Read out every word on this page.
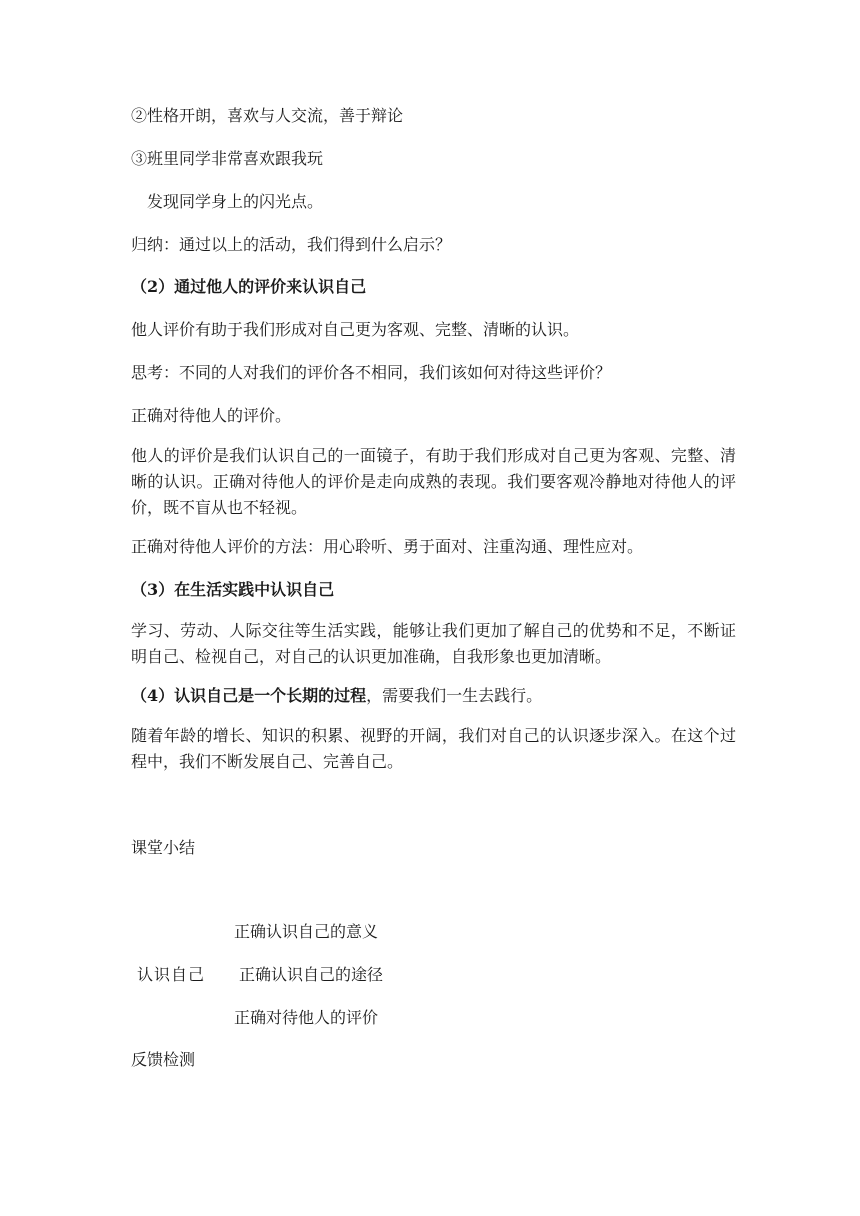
②性格开朗，喜欢与人交流，善于辩论
③班里同学非常喜欢跟我玩
发现同学身上的闪光点。
归纳：通过以上的活动，我们得到什么启示？
（2）通过他人的评价来认识自己
他人评价有助于我们形成对自己更为客观、完整、清晰的认识。
思考：不同的人对我们的评价各不相同，我们该如何对待这些评价？
正确对待他人的评价。
他人的评价是我们认识自己的一面镜子，有助于我们形成对自己更为客观、完整、清晰的认识。正确对待他人的评价是走向成熟的表现。我们要客观冷静地对待他人的评价，既不盲从也不轻视。
正确对待他人评价的方法：用心聆听、勇于面对、注重沟通、理性应对。
（3）在生活实践中认识自己
学习、劳动、人际交往等生活实践，能够让我们更加了解自己的优势和不足，不断证明自己、检视自己，对自己的认识更加准确，自我形象也更加清晰。
（4）认识自己是一个长期的过程，需要我们一生去践行。
随着年龄的增长、知识的积累、视野的开阔，我们对自己的认识逐步深入。在这个过程中，我们不断发展自己、完善自己。
课堂小结
正确认识自己的意义
认识自己 正确认识自己的途径
正确对待他人的评价
反馈检测
